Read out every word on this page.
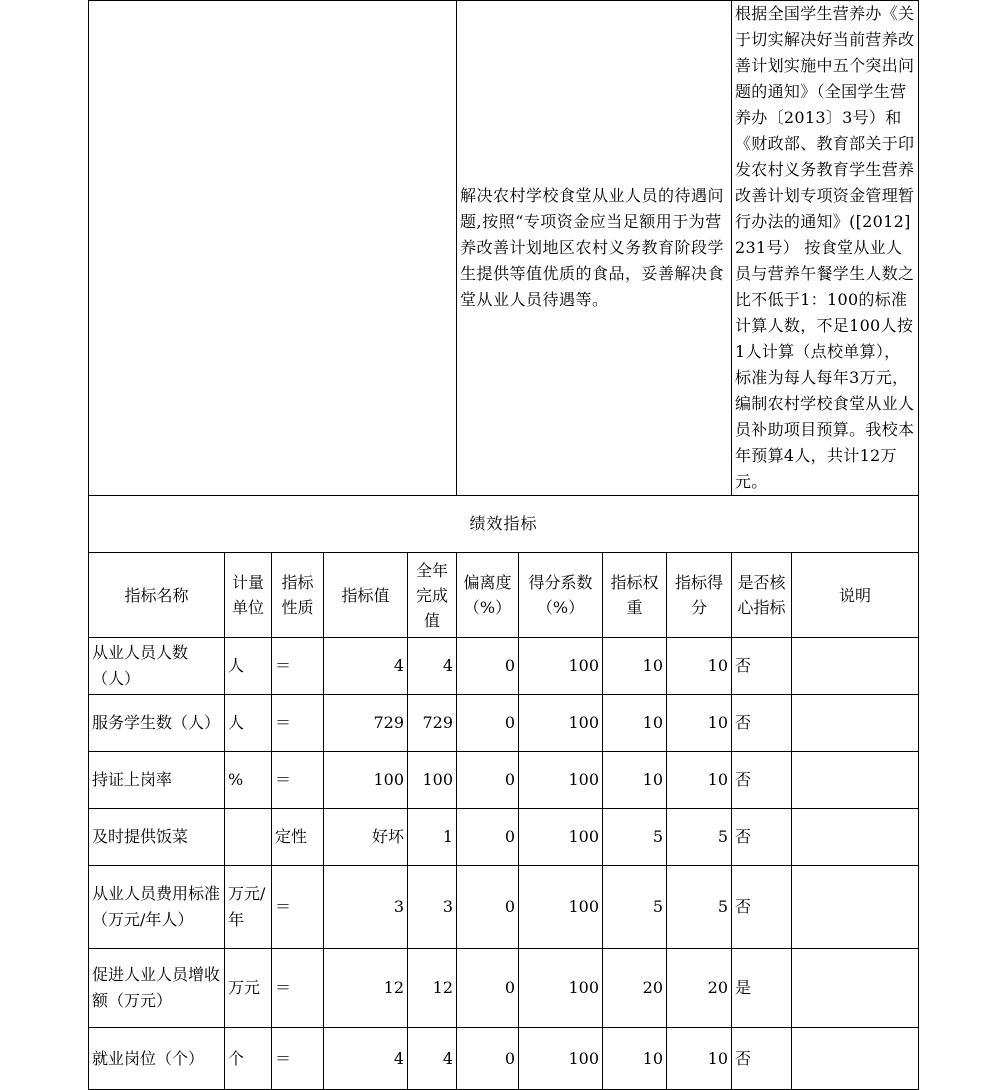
					解决农村学校食堂从业人员的待遇问题,按照“专项资金应当足额用于为营养改善计划地区农村义务教育阶段学生提供等值优质的食品，妥善解决食堂从业人员待遇等。				根据全国学生营养办《关于切实解决好当前营养改善计划实施中五个突出问题的通知》（全国学生营养办〔2013〕3号）和《财政部、教育部关于印发农村义务教育学生营养改善计划专项资金管理暂行办法的通知》([2012]231号） 按食堂从业人员与营养午餐学生人数之比不低于1：100的标准计算人数，不足100人按1人计算（点校单算），标准为每人每年3万元，编制农村学校食堂从业人员补助项目预算。我校本年预算4人，共计12万元。	
绩效指标										
指标名称	计量单位	指标性质	指标值	全年完成值	偏离度（%）	得分系数（%）	指标权重	指标得分	是否核心指标	说明
从业人员人数（人）	人	＝	4	4	0	100	10	10	否	
服务学生数（人）	人	＝	729	729	0	100	10	10	否	
持证上岗率	%	＝	100	100	0	100	10	10	否	
及时提供饭菜		定性	好坏	1	0	100	5	5	否	
从业人员费用标准（万元/年人）	万元/年	＝	3	3	0	100	5	5	否	
促进人业人员增收额（万元）	万元	＝	12	12	0	100	20	20	是	
就业岗位（个）	个	＝	4	4	0	100	10	10	否	
